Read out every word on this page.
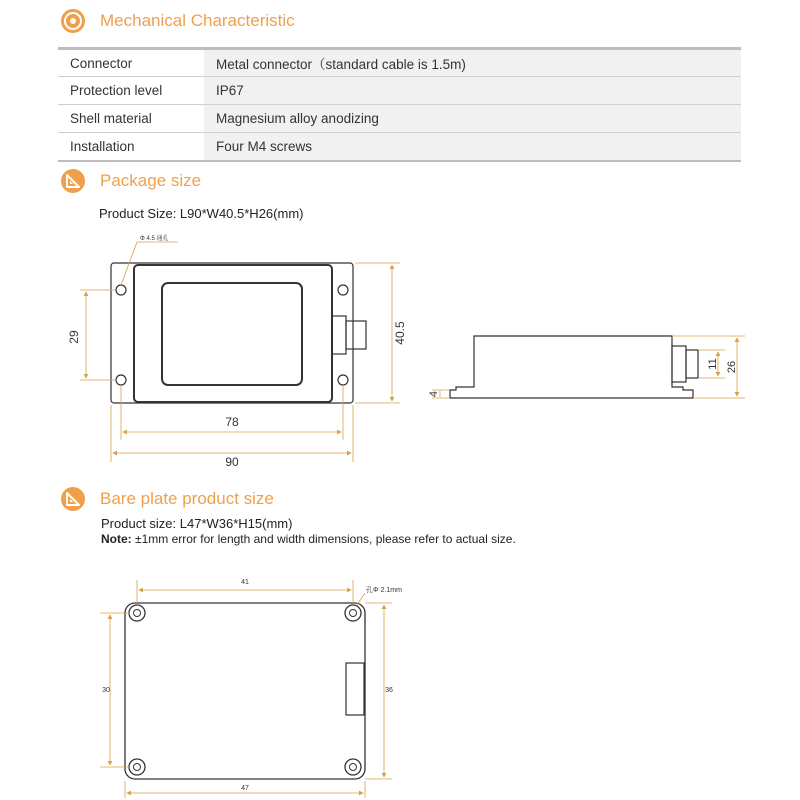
Mechanical Characteristic
Connector	Metal connector（standard cable is 1.5m)
Protection level	IP67
Shell material	Magnesium alloy anodizing
Installation	Four M4 screws
Package size
Product Size: L90*W40.5*H26(mm)
Bare plate product size
Product size: L47*W36*H15(mm)
Note: ±1mm error for length and width dimensions, please refer to actual size.
Φ 4.5 通孔
29	40.5
78
90
4
11 26
41
孔Φ 2.1mm
30	36
47
